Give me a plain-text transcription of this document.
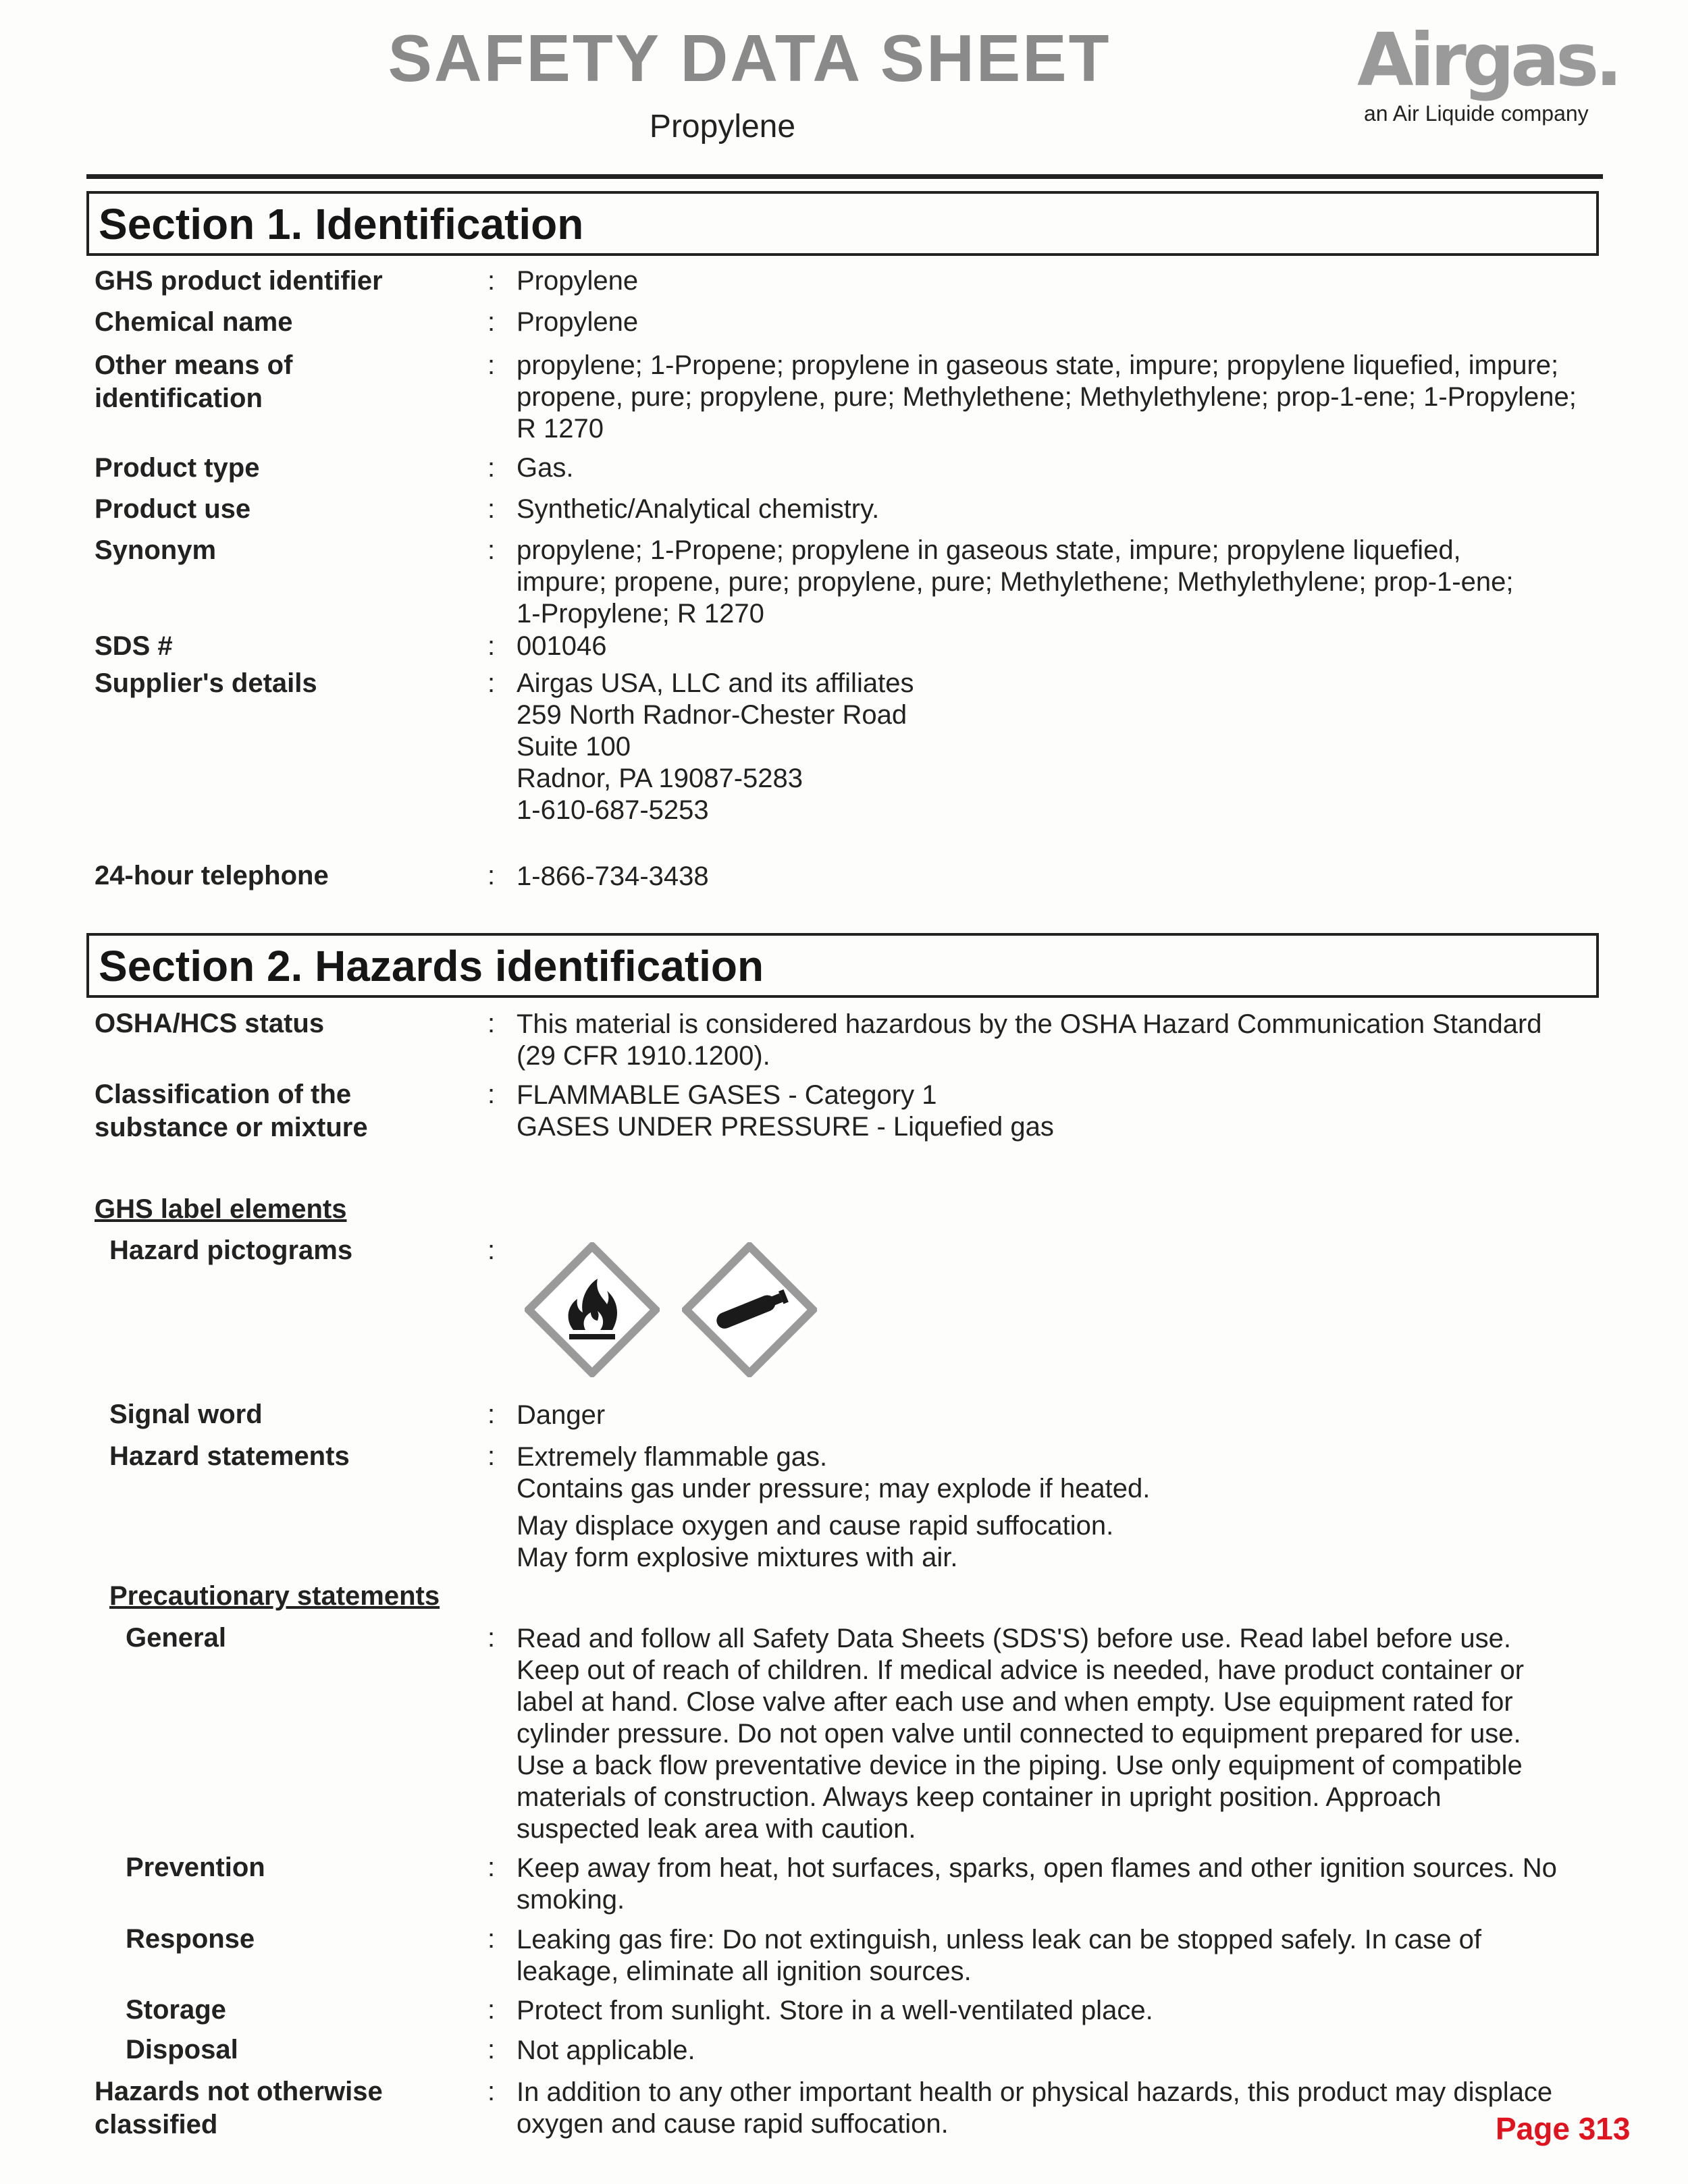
SAFETY DATA SHEET
Propylene
Airgas.
an Air Liquide company
Section 1. Identification
GHS product identifier	: Propylene
Chemical name	: Propylene
Other means of
identification
: propylene; 1-Propene; propylene in gaseous state, impure; propylene liquefied, impure;
propene, pure; propylene, pure; Methylethene; Methylethylene; prop-1-ene; 1-Propylene;
R 1270
Product type	: Gas.
Product use	: Synthetic/Analytical chemistry.
Synonym	: propylene; 1-Propene; propylene in gaseous state, impure; propylene liquefied,
impure; propene, pure; propylene, pure; Methylethene; Methylethylene; prop-1-ene;
1-Propylene; R 1270
SDS #	: 001046
Supplier's details	: Airgas USA, LLC and its affiliates
259 North Radnor-Chester Road
Suite 100
Radnor, PA 19087-5283
1-610-687-5253
24-hour telephone	: 1-866-734-3438
Section 2. Hazards identification
OSHA/HCS status	: This material is considered hazardous by the OSHA Hazard Communication Standard
(29 CFR 1910.1200).
Classification of the
substance or mixture
: FLAMMABLE GASES - Category 1
GASES UNDER PRESSURE - Liquefied gas
GHS label elements
Hazard pictograms	:
Signal word	: Danger
Hazard statements	: Extremely flammable gas.
Contains gas under pressure; may explode if heated.
May displace oxygen and cause rapid suffocation.
May form explosive mixtures with air.
Precautionary statements
General	: Read and follow all Safety Data Sheets (SDS'S) before use. Read label before use.
Keep out of reach of children. If medical advice is needed, have product container or
label at hand. Close valve after each use and when empty. Use equipment rated for
cylinder pressure. Do not open valve until connected to equipment prepared for use.
Use a back flow preventative device in the piping. Use only equipment of compatible
materials of construction. Always keep container in upright position. Approach
suspected leak area with caution.
Prevention	: Keep away from heat, hot surfaces, sparks, open flames and other ignition sources. No
smoking.
Response	: Leaking gas fire: Do not extinguish, unless leak can be stopped safely. In case of
leakage, eliminate all ignition sources.
Storage	: Protect from sunlight. Store in a well-ventilated place.
Disposal	: Not applicable.
Hazards not otherwise
classified
: In addition to any other important health or physical hazards, this product may displace
oxygen and cause rapid suffocation.	Page 313
